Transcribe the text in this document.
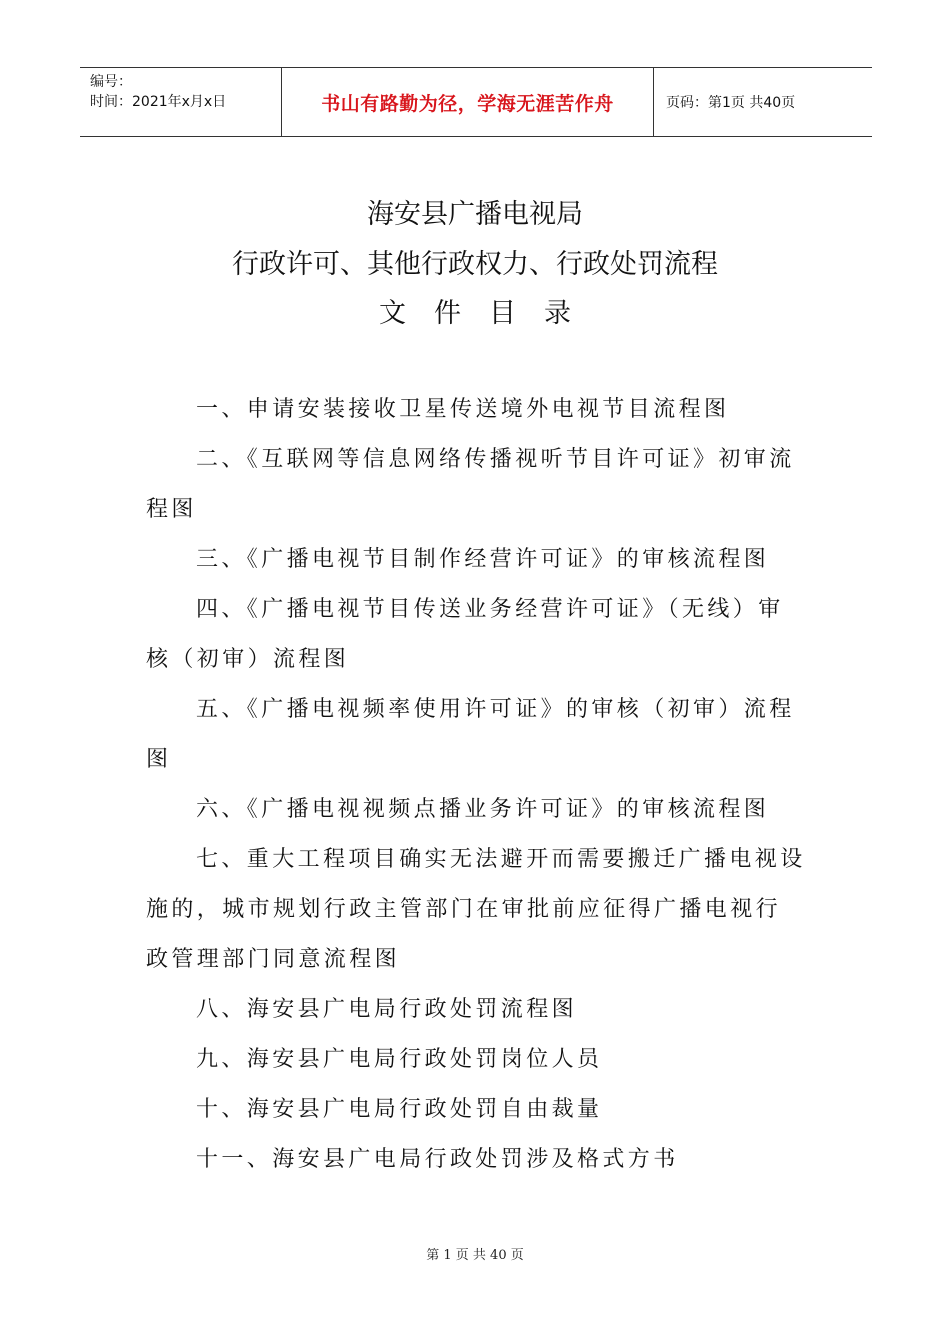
编号：
时间：2021年x月x日	书山有路勤为径，学海无涯苦作舟	页码：第1页 共40页
海安县广播电视局
行政许可、其他行政权力、行政处罚流程
文件目录

一、申请安装接收卫星传送境外电视节目流程图

二、《互联网等信息网络传播视听节目许可证》初审流程图

三、《广播电视节目制作经营许可证》的审核流程图

四、《广播电视节目传送业务经营许可证》（无线）审核（初审）流程图

五、《广播电视频率使用许可证》的审核（初审）流程图

六、《广播电视视频点播业务许可证》的审核流程图

七、重大工程项目确实无法避开而需要搬迁广播电视设施的，城市规划行政主管部门在审批前应征得广播电视行政管理部门同意流程图

八、海安县广电局行政处罚流程图

九、海安县广电局行政处罚岗位人员

十、海安县广电局行政处罚自由裁量

十一、海安县广电局行政处罚涉及格式方书

第 1 页 共 40 页
